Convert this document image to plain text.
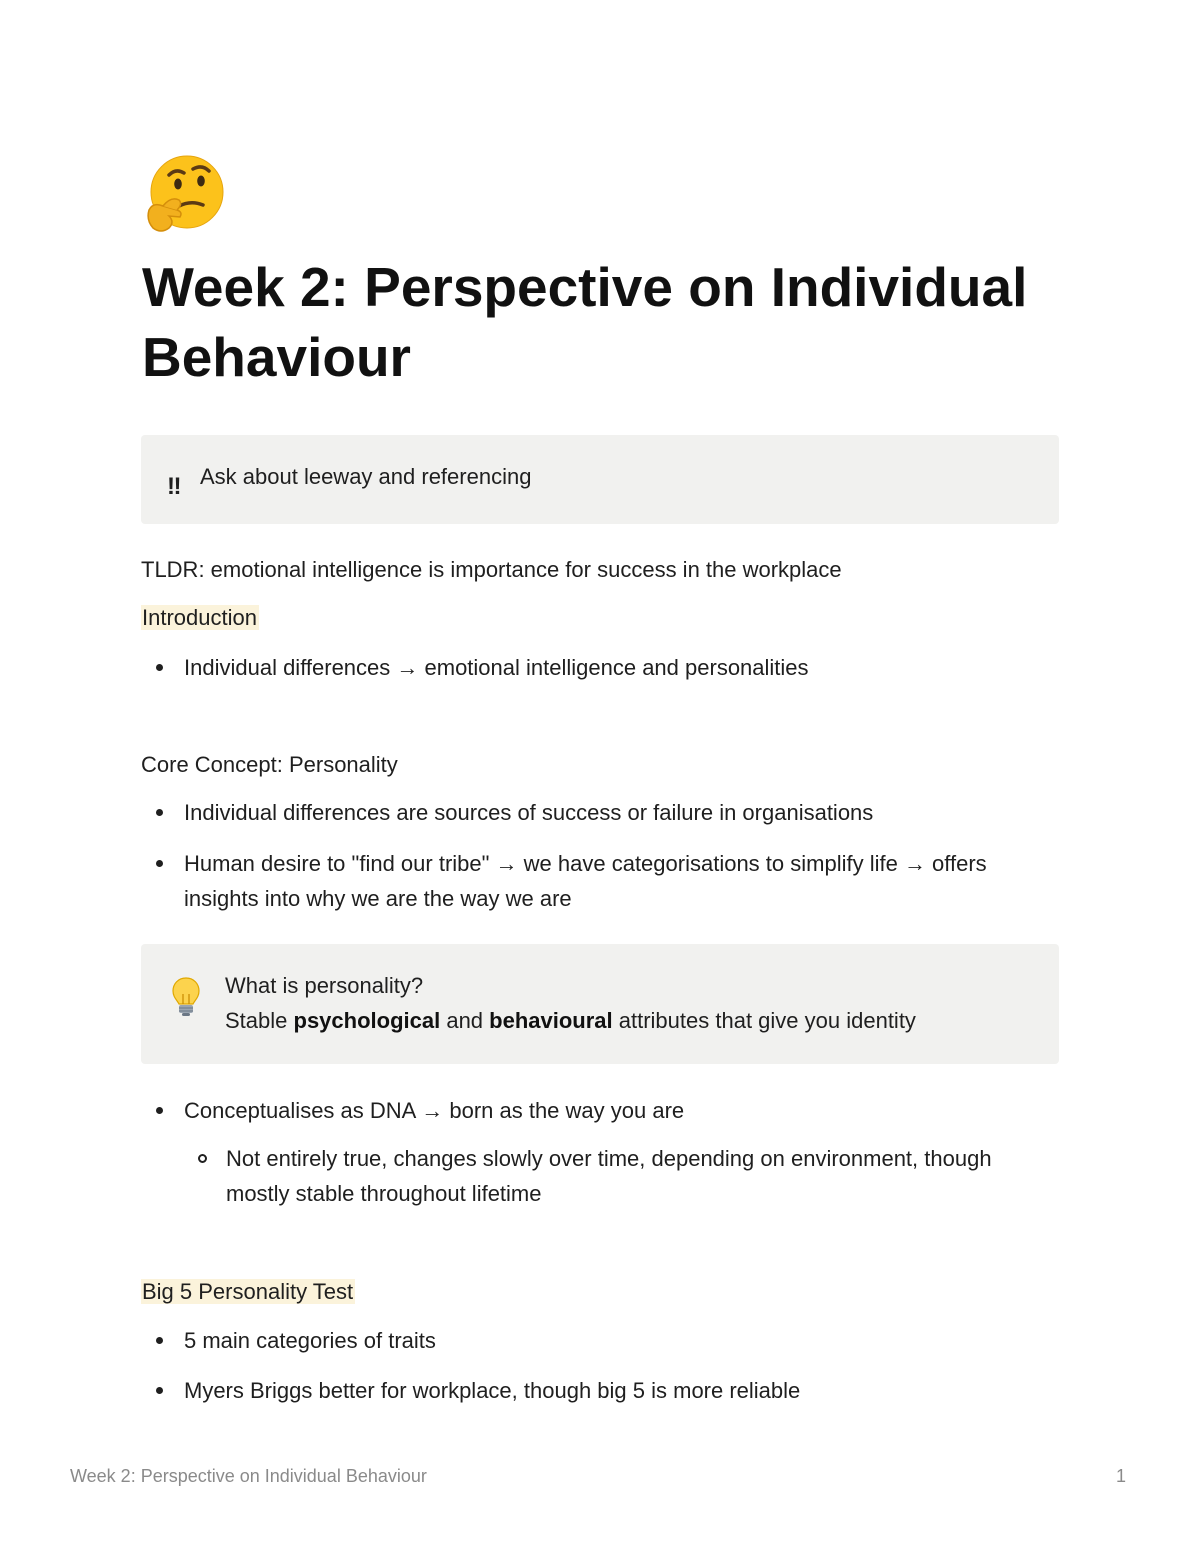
Week 2: Perspective on Individual Behaviour
‼ Ask about leeway and referencing
TLDR: emotional intelligence is importance for success in the workplace
Introduction
Individual differences → emotional intelligence and personalities
Core Concept: Personality
Individual differences are sources of success or failure in organisations
Human desire to "find our tribe" → we have categorisations to simplify life → offers insights into why we are the way we are
What is personality?
Stable psychological and behavioural attributes that give you identity
Conceptualises as DNA → born as the way you are
Not entirely true, changes slowly over time, depending on environment, though mostly stable throughout lifetime
Big 5 Personality Test
5 main categories of traits
Myers Briggs better for workplace, though big 5 is more reliable
Week 2: Perspective on Individual Behaviour	1
